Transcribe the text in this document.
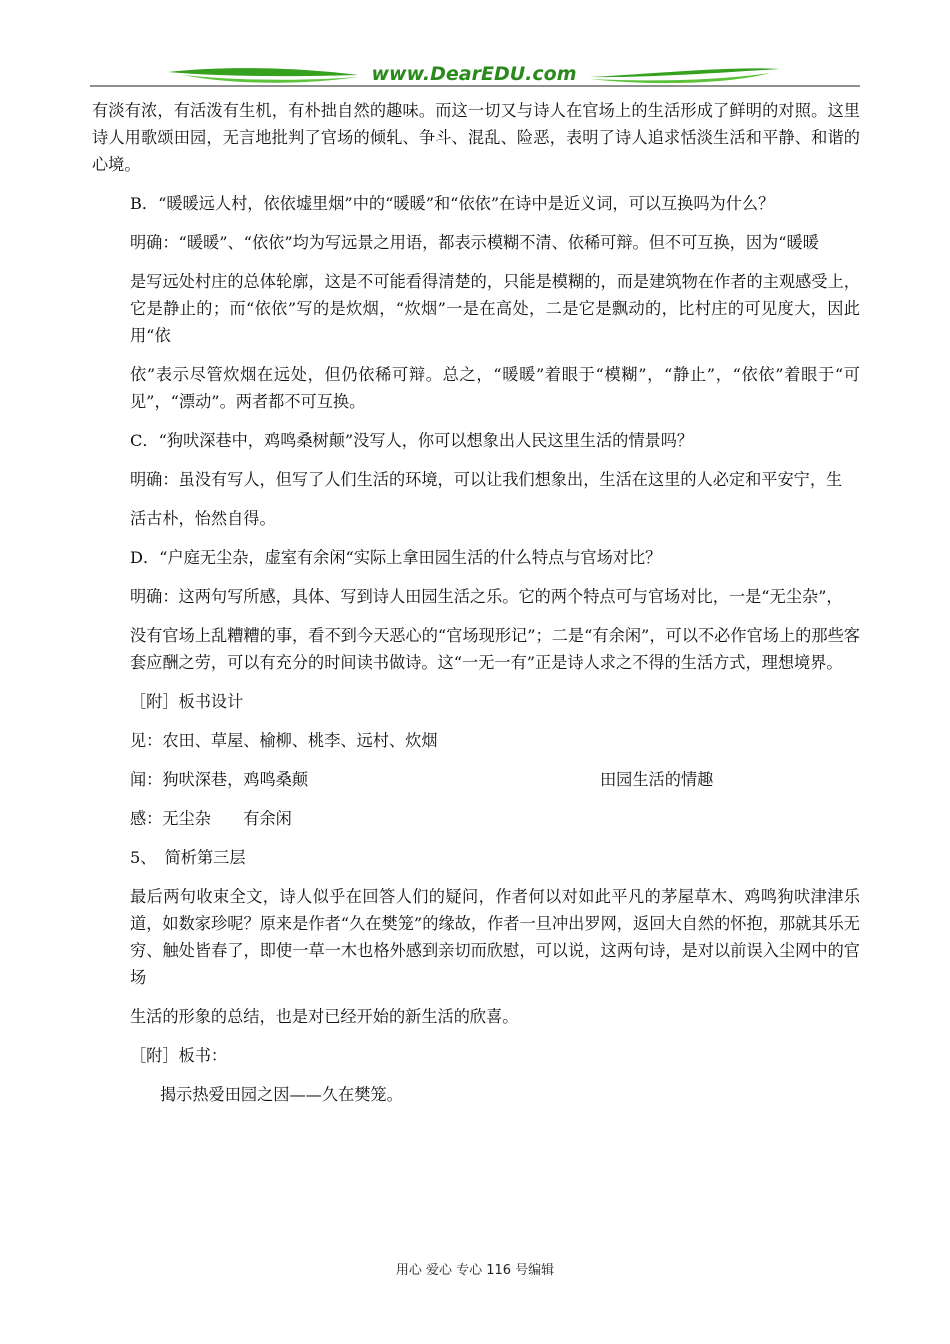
www.DearEDU.com

有淡有浓，有活泼有生机，有朴拙自然的趣味。而这一切又与诗人在官场上的生活形成了鲜明的对照。这里诗人用歌颂田园，无言地批判了官场的倾轧、争斗、混乱、险恶，表明了诗人追求恬淡生活和平静、和谐的心境。

B．“暖暖远人村，依依墟里烟”中的“暖暖”和“依依”在诗中是近义词，可以互换吗为什么？

明确：“暖暖”、“依依”均为写远景之用语，都表示模糊不清、依稀可辩。但不可互换，因为“暖暖

是写远处村庄的总体轮廓，这是不可能看得清楚的，只能是模糊的，而是建筑物在作者的主观感受上，它是静止的；而“依依”写的是炊烟，“炊烟”一是在高处，二是它是飘动的，比村庄的可见度大，因此用“依

依”表示尽管炊烟在远处，但仍依稀可辩。总之，“暖暖”着眼于“模糊”，“静止”，“依依”着眼于“可见”，“漂动”。两者都不可互换。

C．“狗吠深巷中，鸡鸣桑树颠”没写人，你可以想象出人民这里生活的情景吗？

明确：虽没有写人，但写了人们生活的环境，可以让我们想象出，生活在这里的人必定和平安宁，生

活古朴，怡然自得。

D．“户庭无尘杂，虚室有余闲“实际上拿田园生活的什么特点与官场对比？

明确：这两句写所感，具体、写到诗人田园生活之乐。它的两个特点可与官场对比，一是“无尘杂”，

没有官场上乱糟糟的事，看不到今天恶心的“官场现形记”；二是“有余闲”，可以不必作官场上的那些客套应酬之劳，可以有充分的时间读书做诗。这“一无一有”正是诗人求之不得的生活方式，理想境界。

［附］板书设计

见：农田、草屋、榆柳、桃李、远村、炊烟

闻：狗吠深巷，鸡鸣桑颠	田园生活的情趣

感：无尘杂　　有余闲

5、　简析第三层

最后两句收束全文，诗人似乎在回答人们的疑问，作者何以对如此平凡的茅屋草木、鸡鸣狗吠津津乐道，如数家珍呢？原来是作者“久在樊笼”的缘故，作者一旦冲出罗网，返回大自然的怀抱，那就其乐无穷、触处皆春了，即使一草一木也格外感到亲切而欣慰，可以说，这两句诗，是对以前误入尘网中的官场

生活的形象的总结，也是对已经开始的新生活的欣喜。

［附］板书：

揭示热爱田园之因——久在樊笼。

用心 爱心 专心 116 号编辑
